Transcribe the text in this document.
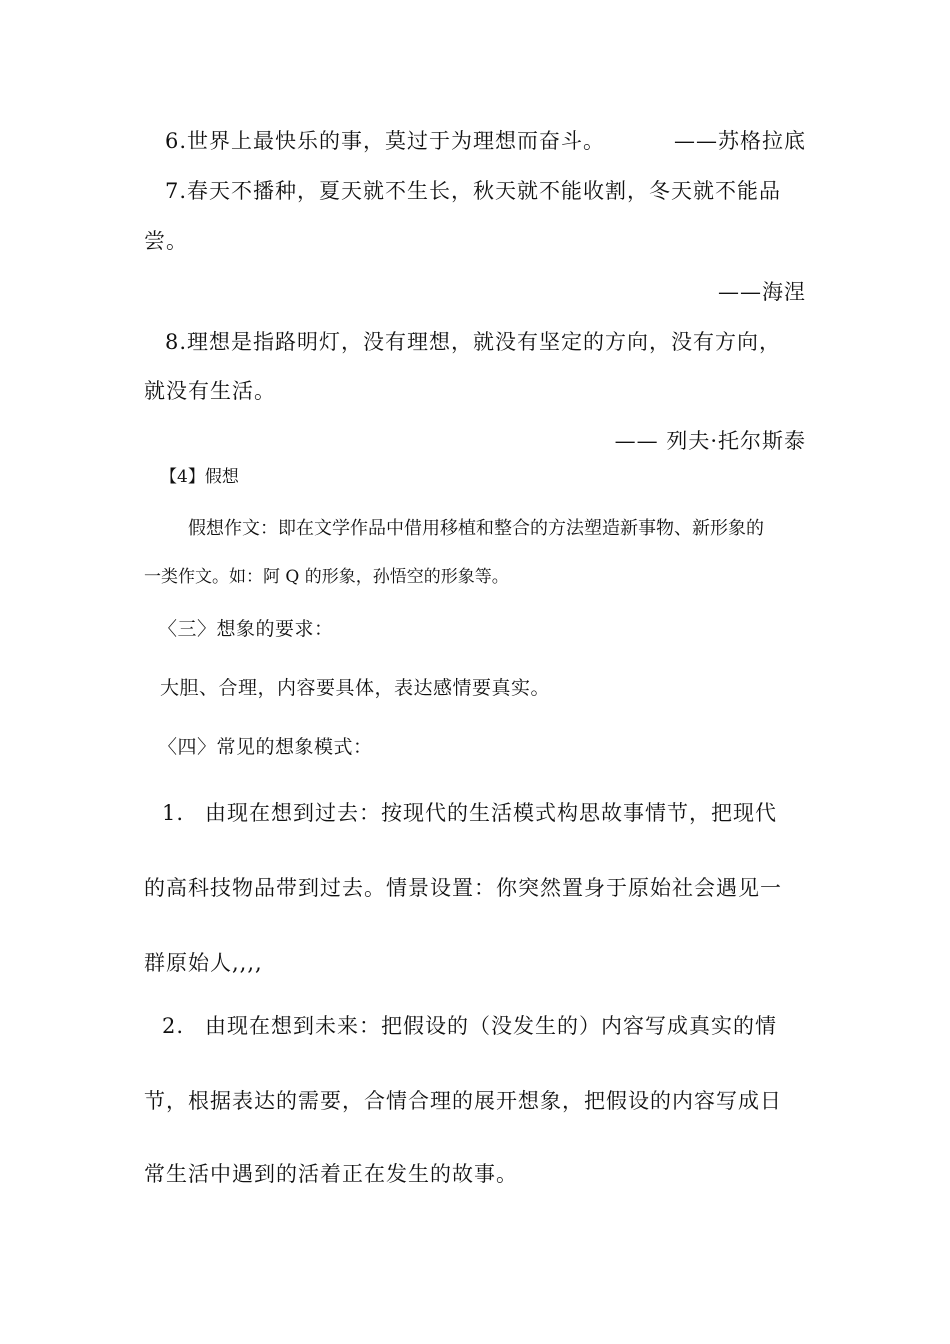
6.世界上最快乐的事，莫过于为理想而奋斗。	——苏格拉底
7.春天不播种，夏天就不生长，秋天就不能收割，冬天就不能品
尝。
——海涅
8.理想是指路明灯，没有理想，就没有坚定的方向，没有方向，
就没有生活。
—— 列夫·托尔斯泰
【4】假想
假想作文：即在文学作品中借用移植和整合的方法塑造新事物、新形象的
一类作文。如：阿 Q 的形象，孙悟空的形象等。
〈三〉想象的要求：
大胆、合理，内容要具体，表达感情要真实。
〈四〉常见的想象模式：
1. 由现在想到过去：按现代的生活模式构思故事情节，把现代
的高科技物品带到过去。情景设置：你突然置身于原始社会遇见一
群原始人,,,,
2. 由现在想到未来：把假设的（没发生的）内容写成真实的情
节，根据表达的需要，合情合理的展开想象，把假设的内容写成日
常生活中遇到的活着正在发生的故事。
